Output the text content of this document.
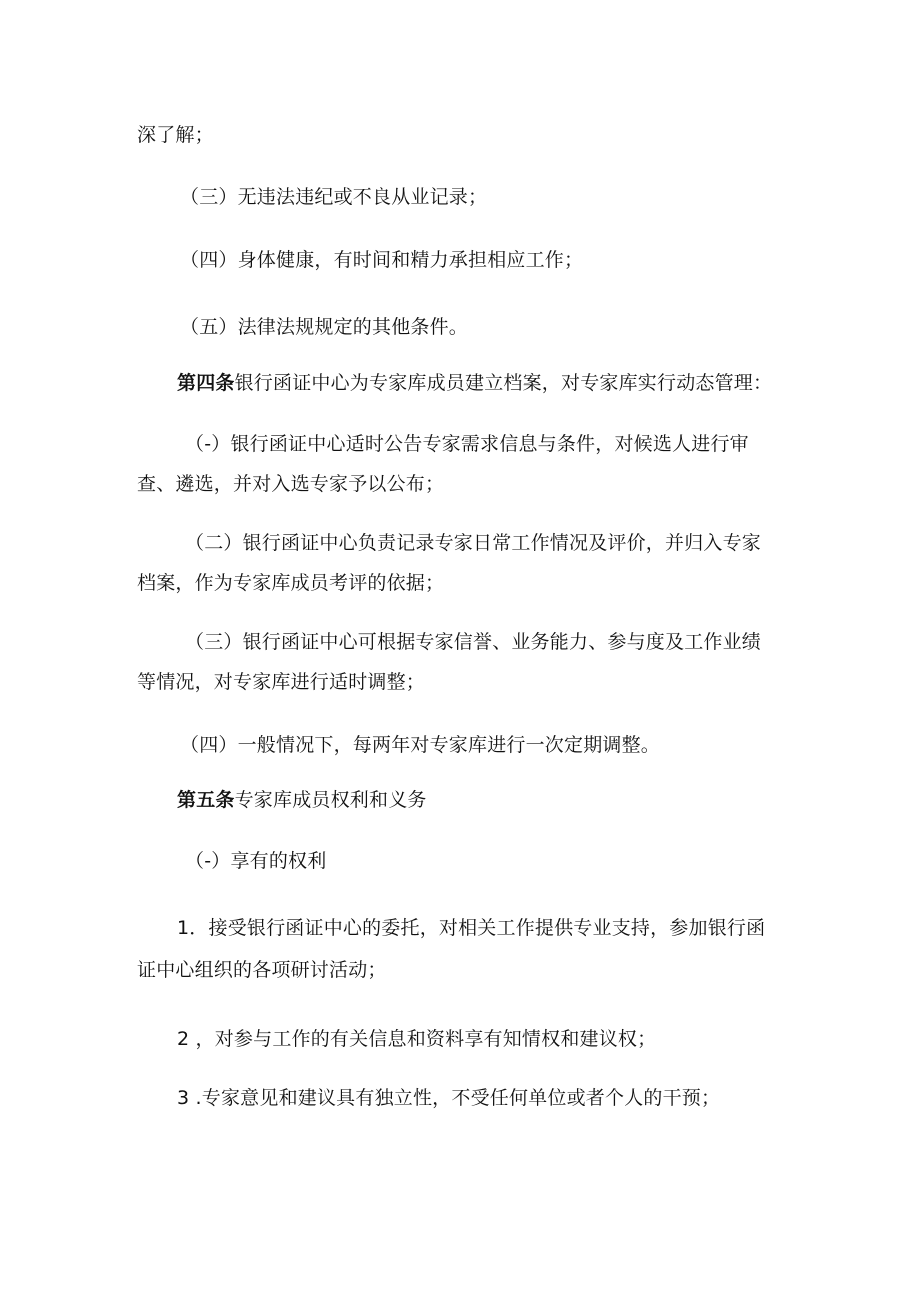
深了解；
（三）无违法违纪或不良从业记录；
（四）身体健康，有时间和精力承担相应工作；
（五）法律法规规定的其他条件。
第四条银行函证中心为专家库成员建立档案，对专家库实行动态管理：
（-）银行函证中心适时公告专家需求信息与条件，对候选人进行审
查、遴选，并对入选专家予以公布；
（二）银行函证中心负责记录专家日常工作情况及评价，并归入专家
档案，作为专家库成员考评的依据；
（三）银行函证中心可根据专家信誉、业务能力、参与度及工作业绩
等情况，对专家库进行适时调整；
（四）一般情况下，每两年对专家库进行一次定期调整。
第五条专家库成员权利和义务
（-）享有的权利
1．接受银行函证中心的委托，对相关工作提供专业支持，参加银行函
证中心组织的各项研讨活动；
2 ，对参与工作的有关信息和资料享有知情权和建议权；
3 .专家意见和建议具有独立性，不受任何单位或者个人的干预；
